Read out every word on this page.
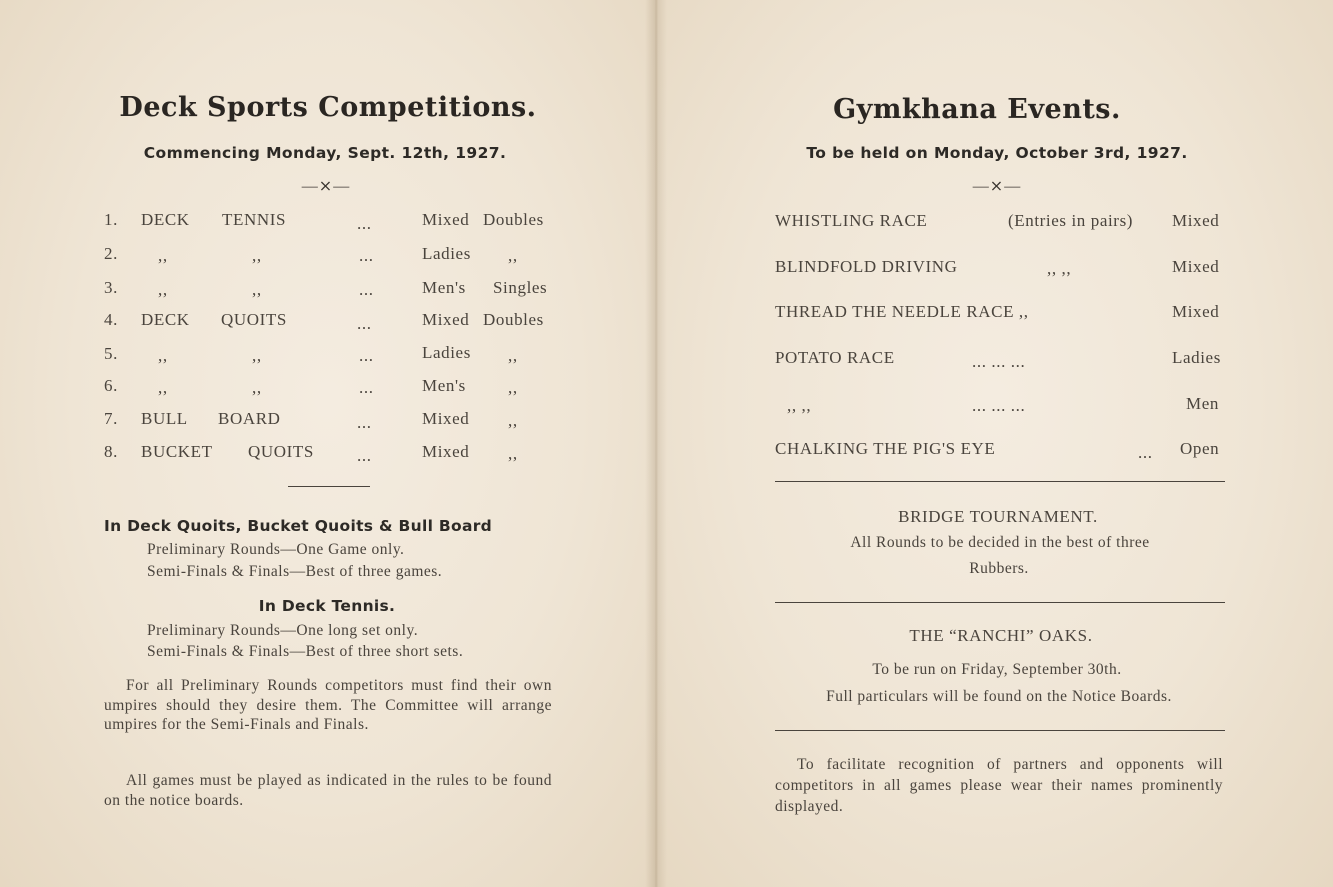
Deck Sports Competitions.
Commencing Monday, Sept. 12th, 1927.
—⨯—
1. DECK TENNIS	...	Mixed Doubles
2. ,,	,,	...	Ladies ,,
3. ,,	,,	...	Men's Singles
4. DECK QUOITS	...	Mixed Doubles
5. ,,	,,	...	Ladies ,,
6. ,,	,,	...	Men's ,,
7. BULL BOARD	...	Mixed ,,
8. BUCKET QUOITS	...	Mixed ,,
In Deck Quoits, Bucket Quoits & Bull Board
Preliminary Rounds—One Game only.
Semi-Finals & Finals—Best of three games.
In Deck Tennis.
Preliminary Rounds—One long set only.
Semi-Finals & Finals—Best of three short sets.
For all Preliminary Rounds competitors must find their own umpires should they desire them. The Committee will arrange umpires for the Semi-Finals and Finals.
All games must be played as indicated in the rules to be found on the notice boards.
Gymkhana Events.
To be held on Monday, October 3rd, 1927.
—⨯—
WHISTLING RACE	(Entries in pairs) Mixed
BLINDFOLD DRIVING	,, ,,	Mixed
THREAD THE NEEDLE RACE ,,	Mixed
POTATO RACE	... ... ...	Ladies
,, ,,	... ... ...	Men
CHALKING THE PIG'S EYE	... Open
BRIDGE TOURNAMENT.
All Rounds to be decided in the best of three
Rubbers.
THE “RANCHI” OAKS.
To be run on Friday, September 30th.
Full particulars will be found on the Notice Boards.
To facilitate recognition of partners and opponents will competitors in all games please wear their names prominently displayed.
